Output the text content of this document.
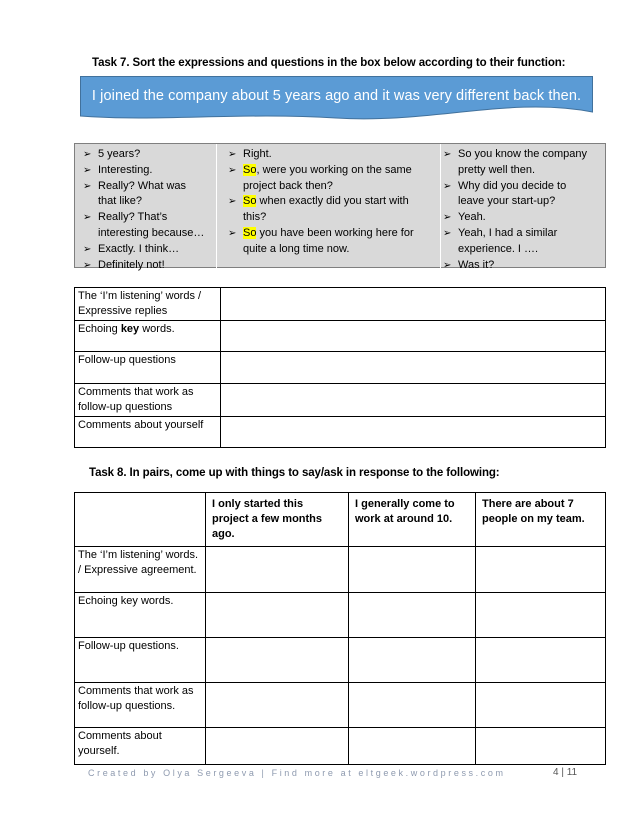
Task 7. Sort the expressions and questions in the box below according to their function:
I joined the company about 5 years ago and it was very different back then.
➢ 5 years?
➢ Interesting.
➢ Really? What was
that like?
➢ Really? That’s
interesting because…
➢ Exactly. I think…
➢ Definitely not!
➢ Right.
➢ So, were you working on the same
project back then?
➢ So when exactly did you start with
this?
➢ So you have been working here for
quite a long time now.
➢ So you know the company
pretty well then.
➢ Why did you decide to
leave your start-up?
➢ Yeah.
➢ Yeah, I had a similar
experience. I ….
➢ Was it?
The ‘I’m listening’ words / Expressive replies	
Echoing key words.	
Follow-up questions	
Comments that work as follow-up questions	
Comments about yourself	
Task 8. In pairs, come up with things to say/ask in response to the following:
	I only started this project a few months ago.	I generally come to work at around 10.	There are about 7 people on my team.
The ‘I’m listening’ words. / Expressive agreement.			
Echoing key words.			
Follow-up questions.			
Comments that work as follow-up questions.			
Comments about yourself.			
Created by Olya Sergeeva | Find more at eltgeek.wordpress.com	4 | 11
